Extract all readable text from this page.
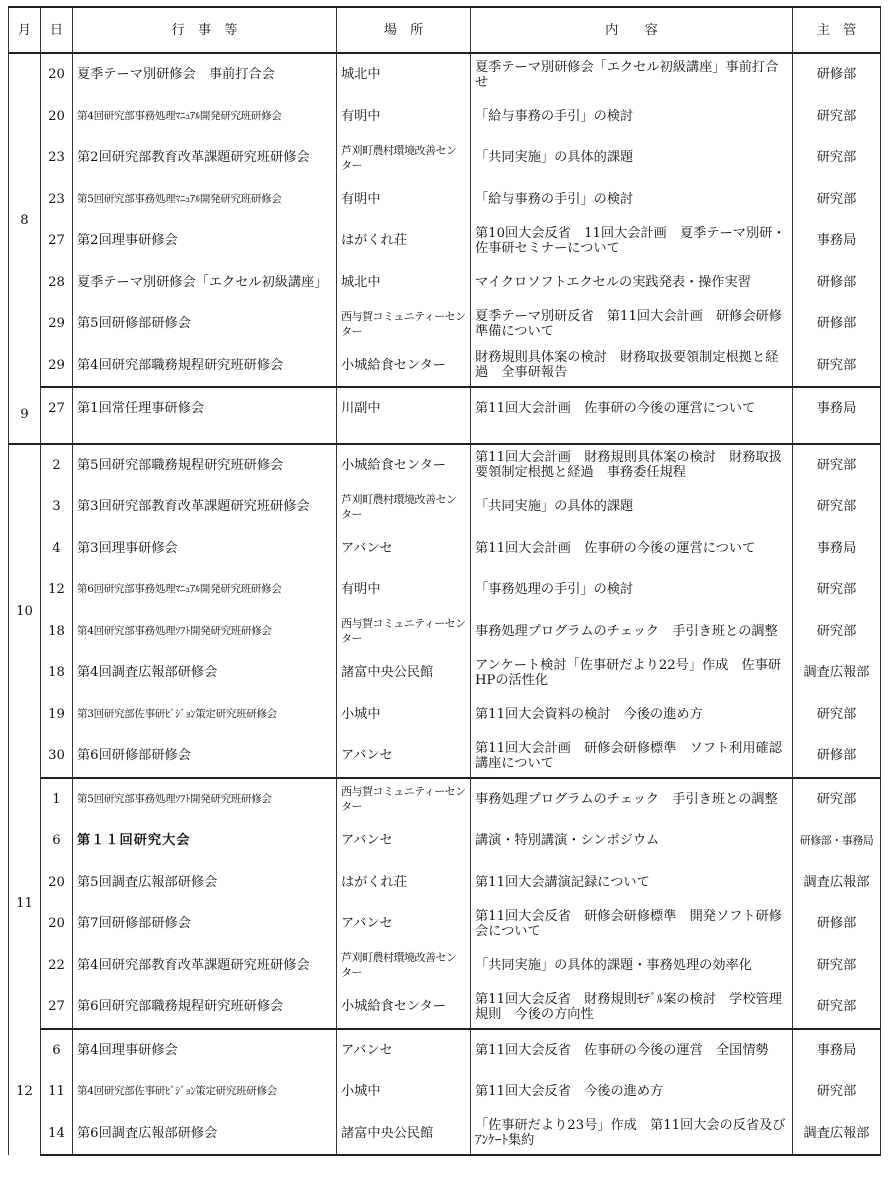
月	日	行　事　等	場　所	内　　容	主　管
8	20	夏季テーマ別研修会　事前打合会	城北中	夏季テーマ別研修会「エクセル初級講座」事前打合せ	研修部
	20	第4回研究部事務処理ﾏﾆｭｱﾙ開発研究班研修会	有明中	「給与事務の手引」の検討	研究部
	23	第2回研究部教育改革課題研究班研修会	芦刈町農村環境改善センター	「共同実施」の具体的課題	研究部
	23	第5回研究部事務処理ﾏﾆｭｱﾙ開発研究班研修会	有明中	「給与事務の手引」の検討	研究部
	27	第2回理事研修会	はがくれ荘	第10回大会反省　11回大会計画　夏季テーマ別研・佐事研セミナーについて	事務局
	28	夏季テーマ別研修会「エクセル初級講座」	城北中	マイクロソフトエクセルの実践発表・操作実習	研修部
	29	第5回研修部研修会	西与賀コミュニティーセンター	夏季テーマ別研反省　第11回大会計画　研修会研修準備について	研修部
	29	第4回研究部職務規程研究班研修会	小城給食センター	財務規則具体案の検討　財務取扱要領制定根拠と経過　全事研報告	研究部
9	27	第1回常任理事研修会	川副中	第11回大会計画　佐事研の今後の運営について	事務局

10	2	第5回研究部職務規程研究班研修会	小城給食センター	第11回大会計画　財務規則具体案の検討　財務取扱要領制定根拠と経過　事務委任規程	研究部
	3	第3回研究部教育改革課題研究班研修会	芦刈町農村環境改善センター	「共同実施」の具体的課題	研究部
	4	第3回理事研修会	アバンセ	第11回大会計画　佐事研の今後の運営について	事務局
	12	第6回研究部事務処理ﾏﾆｭｱﾙ開発研究班研修会	有明中	「事務処理の手引」の検討	研究部
	18	第4回研究部事務処理ｿﾌﾄ開発研究班研修会	西与賀コミュニティーセンター	事務処理プログラムのチェック　手引き班との調整	研究部
	18	第4回調査広報部研修会	諸富中央公民館	アンケート検討「佐事研だより22号」作成　佐事研HPの活性化	調査広報部
	19	第3回研究部佐事研ﾋﾞｼﾞｮﾝ策定研究班研修会	小城中	第11回大会資料の検討　今後の進め方	研究部
	30	第6回研修部研修会	アバンセ	第11回大会計画　研修会研修標準　ソフト利用確認講座について	研修部
11	1	第5回研究部事務処理ｿﾌﾄ開発研究班研修会	西与賀コミュニティーセンター	事務処理プログラムのチェック　手引き班との調整	研究部
	6	第１１回研究大会	アバンセ	講演・特別講演・シンポジウム	研修部・事務局
	20	第5回調査広報部研修会	はがくれ荘	第11回大会講演記録について	調査広報部
	20	第7回研修部研修会	アバンセ	第11回大会反省　研修会研修標準　開発ソフト研修会について	研修部
	22	第4回研究部教育改革課題研究班研修会	芦刈町農村環境改善センター	「共同実施」の具体的課題・事務処理の効率化	研究部
	27	第6回研究部職務規程研究班研修会	小城給食センター	第11回大会反省　財務規則ﾓﾃﾞﾙ案の検討　学校管理規則　今後の方向性	研究部
12	6	第4回理事研修会	アバンセ	第11回大会反省　佐事研の今後の運営　全国情勢	事務局
	11	第4回研究部佐事研ﾋﾞｼﾞｮﾝ策定研究班研修会	小城中	第11回大会反省　今後の進め方	研究部
	14	第6回調査広報部研修会	諸富中央公民館	「佐事研だより23号」作成　第11回大会の反省及びｱﾝｹｰﾄ集約	調査広報部
